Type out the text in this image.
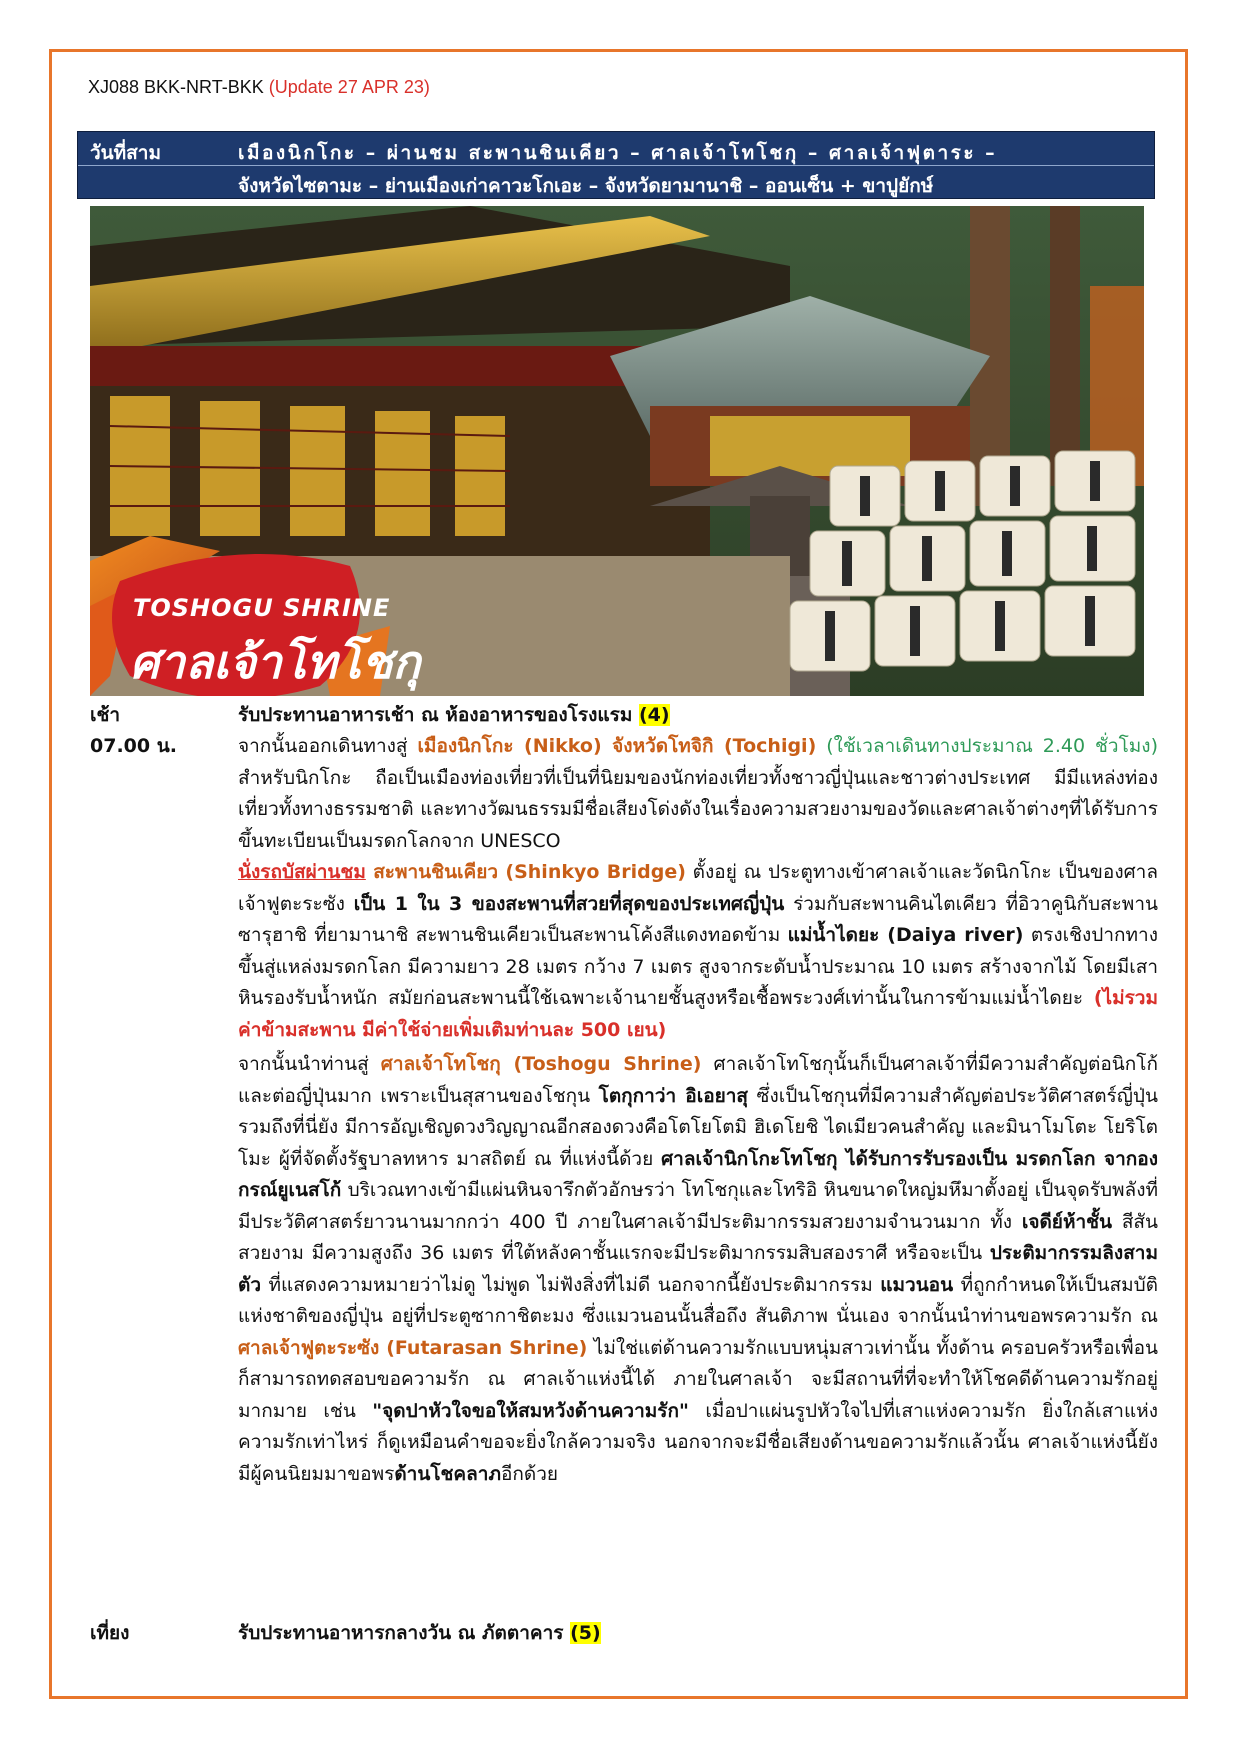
XJ088 BKK-NRT-BKK (Update 27 APR 23)
วันที่สาม	เมืองนิกโกะ – ผ่านชม สะพานชินเคียว – ศาลเจ้าโทโชกุ – ศาลเจ้าฟุตาระ –
จังหวัดไซตามะ – ย่านเมืองเก่าคาวะโกเอะ – จังหวัดยามานาชิ – ออนเซ็น + ขาปูยักษ์
TOSHOGU SHRINE
ศาลเจ้าโทโชกุ
เช้า	รับประทานอาหารเช้า ณ ห้องอาหารของโรงแรม (4)
07.00 น.	จากนั้นออกเดินทางสู่ เมืองนิกโกะ (Nikko) จังหวัดโทจิกิ (Tochigi) (ใช้เวลาเดินทางประมาณ 2.40 ชั่วโมง) สำหรับนิกโกะ ถือเป็นเมืองท่องเที่ยวที่เป็นที่นิยมของนักท่องเที่ยวทั้งชาวญี่ปุ่นและชาวต่างประเทศ มีมีแหล่งท่องเที่ยวทั้งทางธรรมชาติ และทางวัฒนธรรมมีชื่อเสียงโด่งดังในเรื่องความสวยงามของวัดและศาลเจ้าต่างๆที่ได้รับการขึ้นทะเบียนเป็นมรดกโลกจาก UNESCO

นั่งรถบัสผ่านชม สะพานชินเคียว (Shinkyo Bridge) ตั้งอยู่ ณ ประตูทางเข้าศาลเจ้าและวัดนิกโกะ เป็นของศาลเจ้าฟูตะระซัง เป็น 1 ใน 3 ของสะพานที่สวยที่สุดของประเทศญี่ปุ่น ร่วมกับสะพานคินไตเคียว ที่อิวาคูนิกับสะพานซารุฮาชิ ที่ยามานาชิ สะพานชินเคียวเป็นสะพานโค้งสีแดงทอดข้าม แม่น้ำไดยะ (Daiya river) ตรงเชิงปากทางขึ้นสู่แหล่งมรดกโลก มีความยาว 28 เมตร กว้าง 7 เมตร สูงจากระดับน้ำประมาณ 10 เมตร สร้างจากไม้ โดยมีเสาหินรองรับน้ำหนัก สมัยก่อนสะพานนี้ใช้เฉพาะเจ้านายชั้นสูงหรือเชื้อพระวงศ์เท่านั้นในการข้ามแม่น้ำไดยะ (ไม่รวมค่าข้ามสะพาน มีค่าใช้จ่ายเพิ่มเติมท่านละ 500 เยน)

จากนั้นนำท่านสู่ ศาลเจ้าโทโชกุ (Toshogu Shrine) ศาลเจ้าโทโชกุนั้นก็เป็นศาลเจ้าที่มีความสำคัญต่อนิกโก้และต่อญี่ปุ่นมาก เพราะเป็นสุสานของโชกุน โตกุกาว่า อิเอยาสุ ซึ่งเป็นโชกุนที่มีความสำคัญต่อประวัติศาสตร์ญี่ปุ่น รวมถึงที่นี่ยัง มีการอัญเชิญดวงวิญญาณอีกสองดวงคือโตโยโตมิ ฮิเดโยชิ ไดเมียวคนสำคัญ และมินาโมโตะ โยริโตโมะ ผู้ที่จัดตั้งรัฐบาลทหาร มาสถิตย์ ณ ที่แห่งนี้ด้วย ศาลเจ้านิกโกะโทโชกุ ได้รับการรับรองเป็น มรดกโลก จากองกรณ์ยูเนสโก้ บริเวณทางเข้ามีแผ่นหินจารึกตัวอักษรว่า โทโชกุและโทริอิ หินขนาดใหญ่มหึมาตั้งอยู่ เป็นจุดรับพลังที่มีประวัติศาสตร์ยาวนานมากกว่า 400 ปี ภายในศาลเจ้ามีประติมากรรมสวยงามจำนวนมาก ทั้ง เจดีย์ห้าชั้น สีสันสวยงาม มีความสูงถึง 36 เมตร ที่ใต้หลังคาชั้นแรกจะมีประติมากรรมสิบสองราศี หรือจะเป็น ประติมากรรมลิงสามตัว ที่แสดงความหมายว่าไม่ดู ไม่พูด ไม่ฟังสิ่งที่ไม่ดี นอกจากนี้ยังประติมากรรม แมวนอน ที่ถูกกำหนดให้เป็นสมบัติแห่งชาติของญี่ปุ่น อยู่ที่ประตูซากาชิตะมง ซึ่งแมวนอนนั้นสื่อถึง สันติภาพ นั่นเอง จากนั้นนำท่านขอพรความรัก ณ ศาลเจ้าฟูตะระซัง (Futarasan Shrine) ไม่ใช่แต่ด้านความรักแบบหนุ่มสาวเท่านั้น ทั้งด้าน ครอบครัวหรือเพื่อน ก็สามารถทดสอบขอความรัก ณ ศาลเจ้าแห่งนี้ได้ ภายในศาลเจ้า จะมีสถานที่ที่จะทำให้โชคดีด้านความรักอยู่มากมาย เช่น "จุดปาหัวใจขอให้สมหวังด้านความรัก" เมื่อปาแผ่นรูปหัวใจไปที่เสาแห่งความรัก ยิ่งใกล้เสาแห่งความรักเท่าไหร่ ก็ดูเหมือนคำขอจะยิ่งใกล้ความจริง นอกจากจะมีชื่อเสียงด้านขอความรักแล้วนั้น ศาลเจ้าแห่งนี้ยังมีผู้คนนิยมมาขอพรด้านโชคลาภอีกด้วย

เที่ยง	รับประทานอาหารกลางวัน ณ ภัตตาคาร (5)
